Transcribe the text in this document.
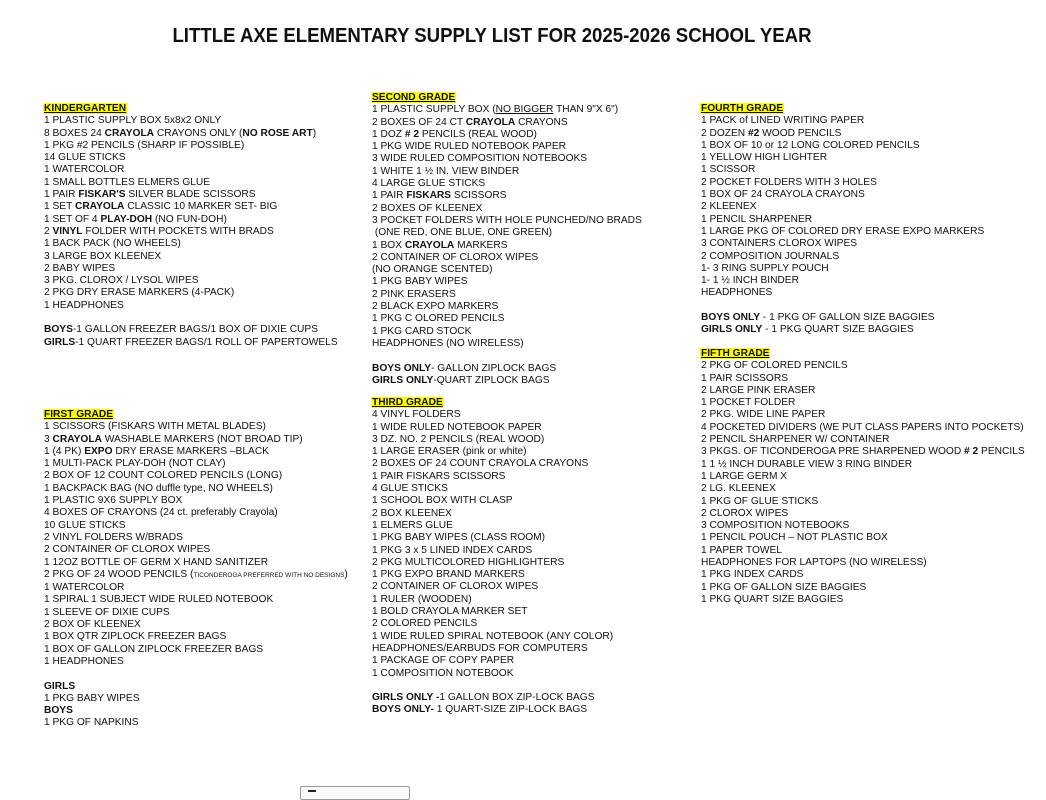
LITTLE AXE ELEMENTARY SUPPLY LIST FOR 2025-2026 SCHOOL YEAR
KINDERGARTEN
1 PLASTIC SUPPLY BOX 5x8x2 ONLY
8 BOXES 24 CRAYOLA CRAYONS ONLY (NO ROSE ART)
1 PKG #2 PENCILS (SHARP IF POSSIBLE)
14 GLUE STICKS
1 WATERCOLOR
1 SMALL BOTTLES ELMERS GLUE
1 PAIR FISKAR'S SILVER BLADE SCISSORS
1 SET CRAYOLA CLASSIC 10 MARKER SET- BIG
1 SET OF 4 PLAY-DOH (NO FUN-DOH)
2 VINYL FOLDER WITH POCKETS WITH BRADS
1 BACK PACK (NO WHEELS)
3 LARGE BOX KLEENEX
2 BABY WIPES
3 PKG. CLOROX / LYSOL WIPES
2 PKG DRY ERASE MARKERS (4-PACK)
1 HEADPHONES
BOYS-1 GALLON FREEZER BAGS/1 BOX OF DIXIE CUPS
GIRLS-1 QUART FREEZER BAGS/1 ROLL OF PAPERTOWELS
FIRST GRADE
1 SCISSORS (FISKARS WITH METAL BLADES)
3 CRAYOLA WASHABLE MARKERS (NOT BROAD TIP)
1 (4 PK) EXPO DRY ERASE MARKERS –BLACK
1 MULTI-PACK PLAY-DOH (NOT CLAY)
2 BOX OF 12 COUNT COLORED PENCILS (LONG)
1 BACKPACK BAG (NO duffle type, NO WHEELS)
1 PLASTIC 9X6 SUPPLY BOX
4 BOXES OF CRAYONS (24 ct. preferably Crayola)
10 GLUE STICKS
2 VINYL FOLDERS W/BRADS
2 CONTAINER OF CLOROX WIPES
1 12OZ BOTTLE OF GERM X HAND SANITIZER
2 PKG OF 24 WOOD PENCILS (TICONDEROGA PREFERRED WITH NO DESIGNS)
1 WATERCOLOR
1 SPIRAL 1 SUBJECT WIDE RULED NOTEBOOK
1 SLEEVE OF DIXIE CUPS
2 BOX OF KLEENEX
1 BOX QTR ZIPLOCK FREEZER BAGS
1 BOX OF GALLON ZIPLOCK FREEZER BAGS
1 HEADPHONES
GIRLS
1 PKG BABY WIPES
BOYS
1 PKG OF NAPKINS
SECOND GRADE
1 PLASTIC SUPPLY BOX (NO BIGGER THAN 9"X 6")
2 BOXES OF 24 CT CRAYOLA CRAYONS
1 DOZ # 2 PENCILS (REAL WOOD)
1 PKG WIDE RULED NOTEBOOK PAPER
3 WIDE RULED COMPOSITION NOTEBOOKS
1 WHITE 1 ½ IN. VIEW BINDER
4 LARGE GLUE STICKS
1 PAIR FISKARS SCISSORS
2 BOXES OF KLEENEX
3 POCKET FOLDERS WITH HOLE PUNCHED/NO BRADS
(ONE RED, ONE BLUE, ONE GREEN)
1 BOX CRAYOLA MARKERS
2 CONTAINER OF CLOROX WIPES
(NO ORANGE SCENTED)
1 PKG BABY WIPES
2 PINK ERASERS
2 BLACK EXPO MARKERS
1 PKG C OLORED PENCILS
1 PKG CARD STOCK
HEADPHONES (NO WIRELESS)
BOYS ONLY- GALLON ZIPLOCK BAGS
GIRLS ONLY-QUART ZIPLOCK BAGS
THIRD GRADE
4 VINYL FOLDERS
1 WIDE RULED NOTEBOOK PAPER
3 DZ. NO. 2 PENCILS (REAL WOOD)
1 LARGE ERASER (pink or white)
2 BOXES OF 24 COUNT CRAYOLA CRAYONS
1 PAIR FISKARS SCISSORS
4 GLUE STICKS
1 SCHOOL BOX WITH CLASP
2 BOX KLEENEX
1 ELMERS GLUE
1 PKG BABY WIPES (CLASS ROOM)
1 PKG 3 x 5 LINED INDEX CARDS
2 PKG MULTICOLORED HIGHLIGHTERS
1 PKG EXPO BRAND MARKERS
2 CONTAINER OF CLOROX WIPES
1 RULER (WOODEN)
1 BOLD CRAYOLA MARKER SET
2 COLORED PENCILS
1 WIDE RULED SPIRAL NOTEBOOK (ANY COLOR)
HEADPHONES/EARBUDS FOR COMPUTERS
1 PACKAGE OF COPY PAPER
1 COMPOSITION NOTEBOOK
GIRLS ONLY -1 GALLON BOX ZIP-LOCK BAGS
BOYS ONLY- 1 QUART-SIZE ZIP-LOCK BAGS
FOURTH GRADE
1 PACK of LINED WRITING PAPER
2 DOZEN #2 WOOD PENCILS
1 BOX OF 10 or 12 LONG COLORED PENCILS
1 YELLOW HIGH LIGHTER
1 SCISSOR
2 POCKET FOLDERS WITH 3 HOLES
1 BOX OF 24 CRAYOLA CRAYONS
2 KLEENEX
1 PENCIL SHARPENER
1 LARGE PKG OF COLORED DRY ERASE EXPO MARKERS
3 CONTAINERS CLOROX WIPES
2 COMPOSITION JOURNALS
1- 3 RING SUPPLY POUCH
1- 1 ½ INCH BINDER
HEADPHONES
BOYS ONLY - 1 PKG OF GALLON SIZE BAGGIES
GIRLS ONLY - 1 PKG QUART SIZE BAGGIES
FIFTH GRADE
2 PKG OF COLORED PENCILS
1 PAIR SCISSORS
2 LARGE PINK ERASER
1 POCKET FOLDER
2 PKG. WIDE LINE PAPER
4 POCKETED DIVIDERS (WE PUT CLASS PAPERS INTO POCKETS)
2 PENCIL SHARPENER W/ CONTAINER
3 PKGS. OF TICONDEROGA PRE SHARPENED WOOD # 2 PENCILS
1 1 ½ INCH DURABLE VIEW 3 RING BINDER
1 LARGE GERM X
2 LG. KLEENEX
1 PKG OF GLUE STICKS
2 CLOROX WIPES
3 COMPOSITION NOTEBOOKS
1 PENCIL POUCH – NOT PLASTIC BOX
1 PAPER TOWEL
HEADPHONES FOR LAPTOPS (NO WIRELESS)
1 PKG INDEX CARDS
1 PKG OF GALLON SIZE BAGGIES
1 PKG QUART SIZE BAGGIES
